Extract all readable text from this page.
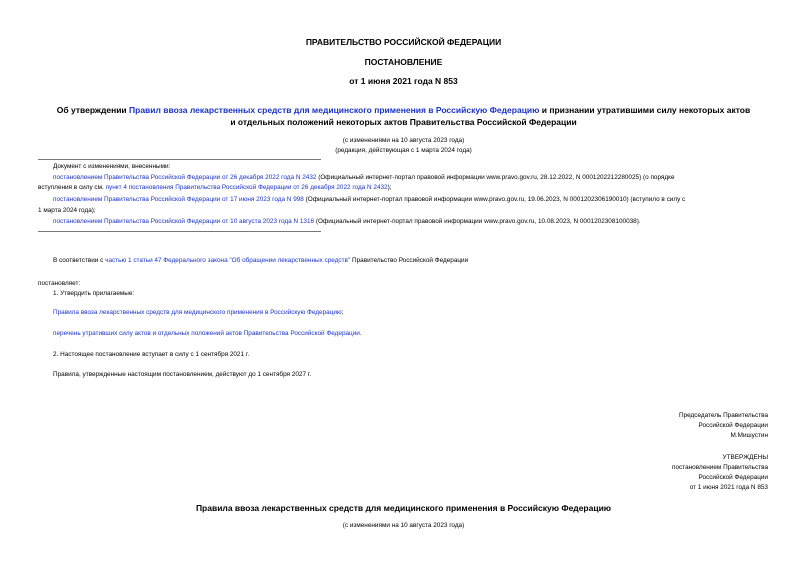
ПРАВИТЕЛЬСТВО РОССИЙСКОЙ ФЕДЕРАЦИИ
ПОСТАНОВЛЕНИЕ
от 1 июня 2021 года N 853
Об утверждении Правил ввоза лекарственных средств для медицинского применения в Российскую Федерацию и признании утратившими силу некоторых актов
и отдельных положений некоторых актов Правительства Российской Федерации
(с изменениями на 10 августа 2023 года)
(редакция, действующая с 1 марта 2024 года)
Документ с изменениями, внесенными:
постановлением Правительства Российской Федерации от 26 декабря 2022 года N 2432 (Официальный интернет-портал правовой информации www.pravo.gov.ru, 28.12.2022, N 0001202212280025) (о порядке
вступления в силу см. пункт 4 постановления Правительства Российской Федерации от 26 декабря 2022 года N 2432);
постановлением Правительства Российской Федерации от 17 июня 2023 года N 998 (Официальный интернет-портал правовой информации www.pravo.gov.ru, 19.06.2023, N 0001202306190010) (вступило в силу с
1 марта 2024 года);
постановлением Правительства Российской Федерации от 10 августа 2023 года N 1316 (Официальный интернет-портал правовой информации www.pravo.gov.ru, 10.08.2023, N 0001202308100038).
В соответствии с частью 1 статьи 47 Федерального закона "Об обращении лекарственных средств" Правительство Российской Федерации
постановляет:
1. Утвердить прилагаемые:
Правила ввоза лекарственных средств для медицинского применения в Российскую Федерацию;
перечень утративших силу актов и отдельных положений актов Правительства Российской Федерации.
2. Настоящее постановление вступает в силу с 1 сентября 2021 г.
Правила, утвержденные настоящим постановлением, действуют до 1 сентября 2027 г.
Председатель Правительства
Российской Федерации
М.Мишустин
УТВЕРЖДЕНЫ
постановлением Правительства
Российской Федерации
от 1 июня 2021 года N 853
Правила ввоза лекарственных средств для медицинского применения в Российскую Федерацию
(с изменениями на 10 августа 2023 года)
